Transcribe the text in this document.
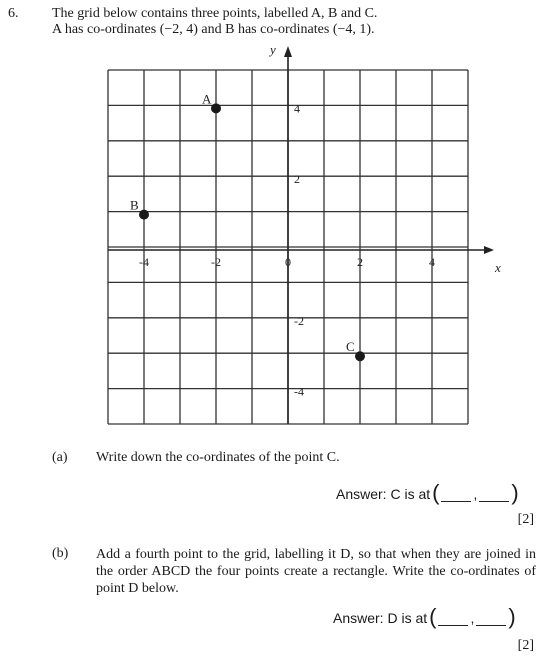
6. The grid below contains three points, labelled A, B and C.
A has co-ordinates (−2, 4) and B has co-ordinates (−4, 1).
x
y
-4	-2	0	2	4
4
2
-2
-4
A
B
C
(a) Write down the co-ordinates of the point C.
Answer: C is at ( , )
[2]
(b) Add a fourth point to the grid, labelling it D, so that when they are joined in the order ABCD the four points create a rectangle. Write the co-ordinates of point D below.
Answer: D is at ( , )
[2]
